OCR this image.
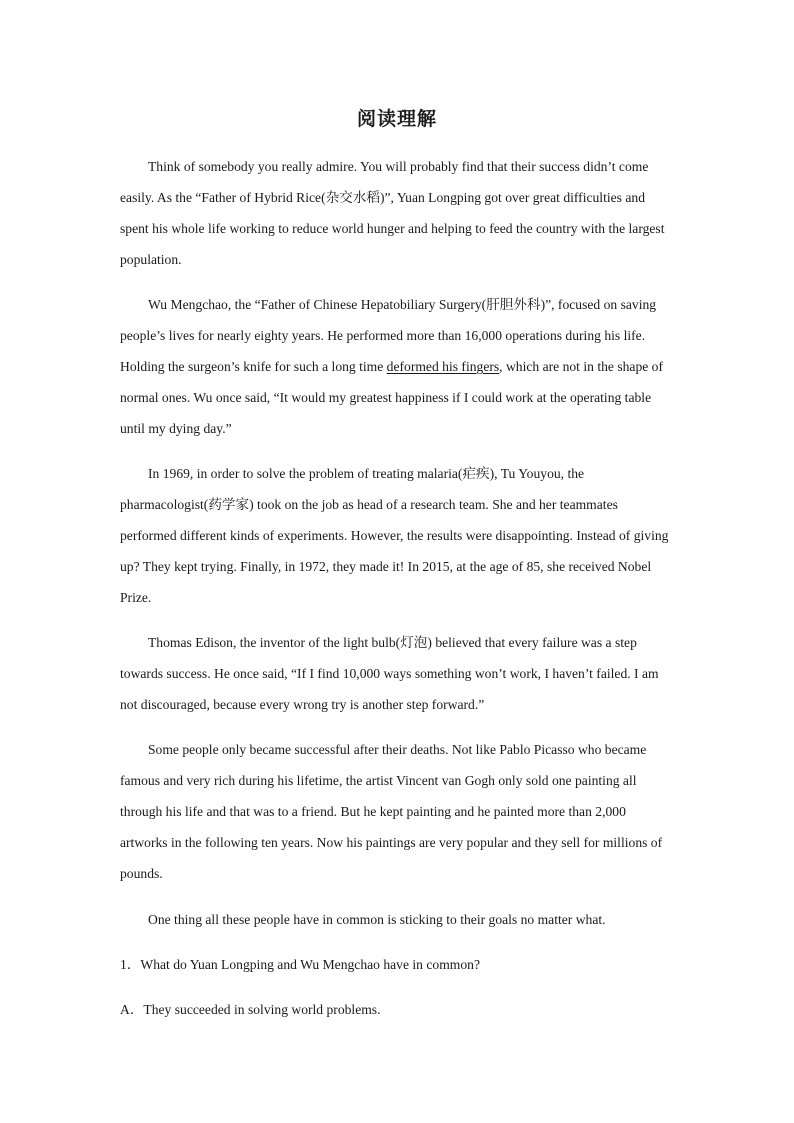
阅读理解

Think of somebody you really admire. You will probably find that their success didn’t come easily. As the “Father of Hybrid Rice(杂交水稻)”, Yuan Longping got over great difficulties and spent his whole life working to reduce world hunger and helping to feed the country with the largest population.

Wu Mengchao, the “Father of Chinese Hepatobiliary Surgery(肝胆外科)”, focused on saving people’s lives for nearly eighty years. He performed more than 16,000 operations during his life. Holding the surgeon’s knife for such a long time deformed his fingers, which are not in the shape of normal ones. Wu once said, “It would my greatest happiness if I could work at the operating table until my dying day.”

In 1969, in order to solve the problem of treating malaria(疟疾), Tu Youyou, the pharmacologist(药学家) took on the job as head of a research team. She and her teammates performed different kinds of experiments. However, the results were disappointing. Instead of giving up? They kept trying. Finally, in 1972, they made it! In 2015, at the age of 85, she received Nobel Prize.

Thomas Edison, the inventor of the light bulb(灯泡) believed that every failure was a step towards success. He once said, “If I find 10,000 ways something won’t work, I haven’t failed. I am not discouraged, because every wrong try is another step forward.”

Some people only became successful after their deaths. Not like Pablo Picasso who became famous and very rich during his lifetime, the artist Vincent van Gogh only sold one painting all through his life and that was to a friend. But he kept painting and he painted more than 2,000 artworks in the following ten years. Now his paintings are very popular and they sell for millions of pounds.

One thing all these people have in common is sticking to their goals no matter what.

1．What do Yuan Longping and Wu Mengchao have in common?

A．They succeeded in solving world problems.
